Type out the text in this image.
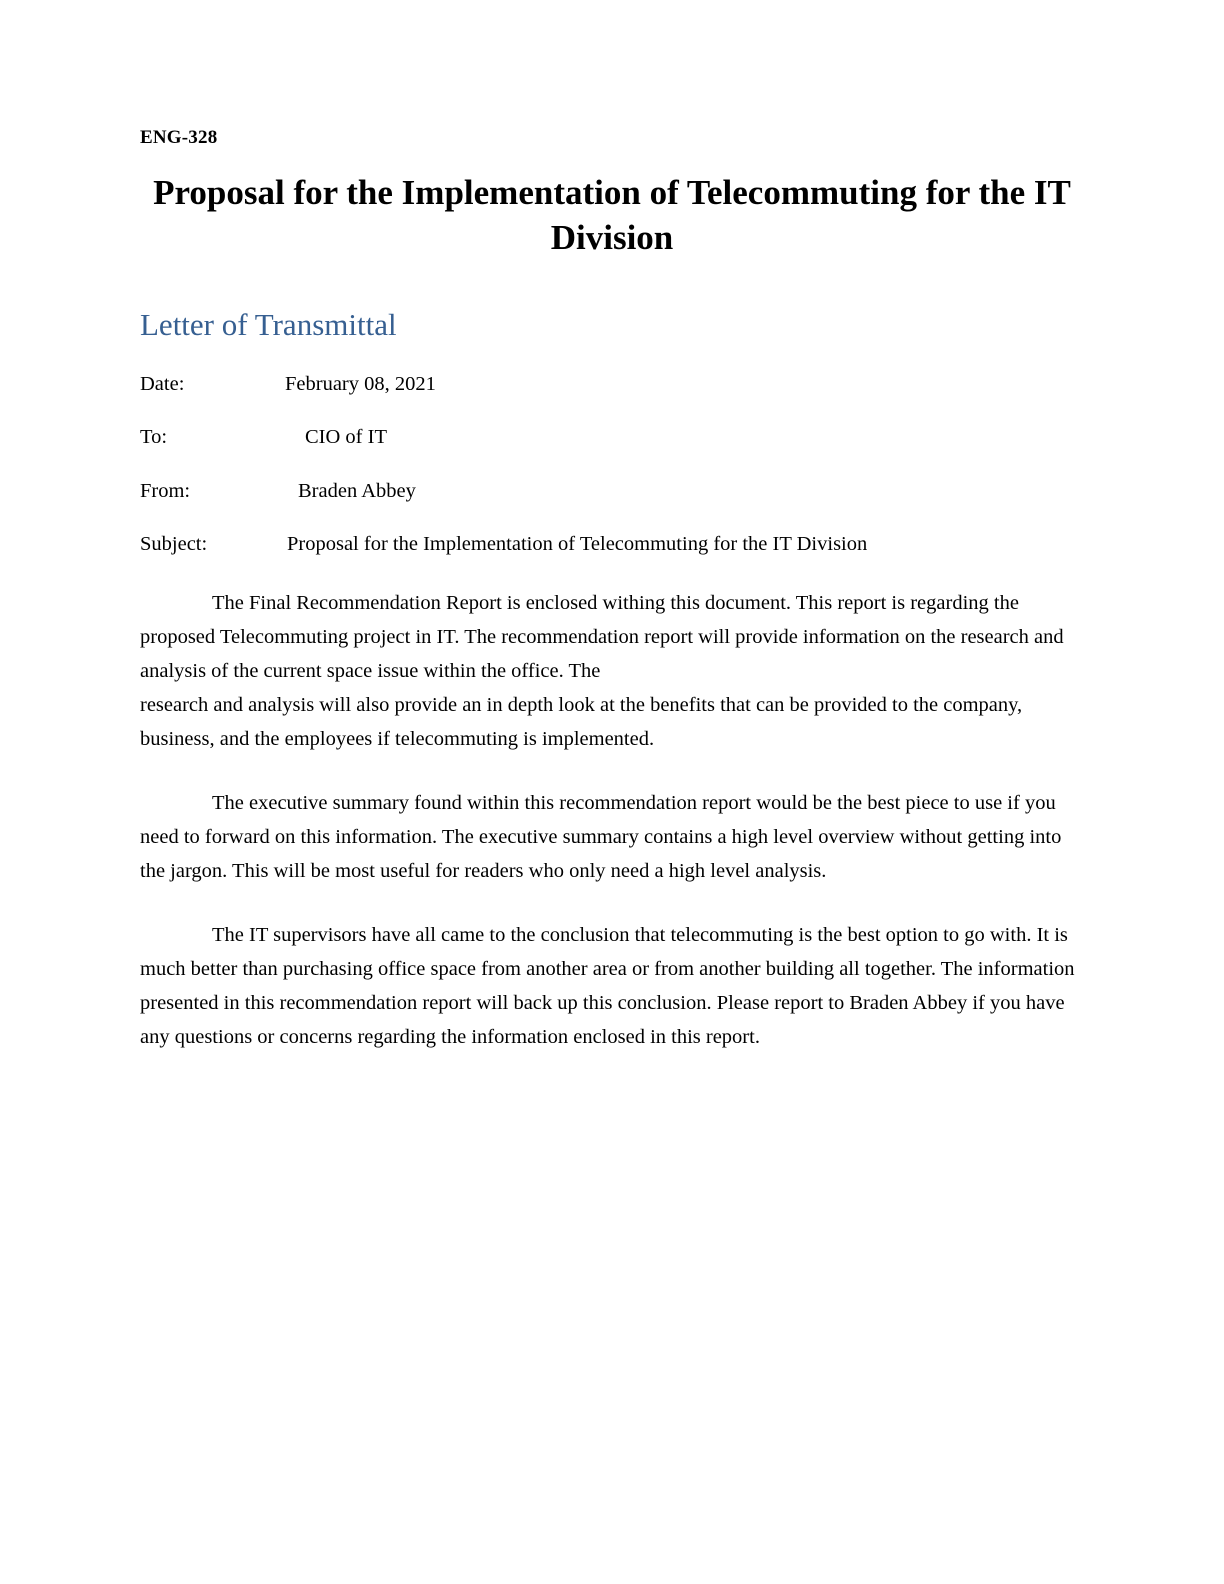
ENG-328
Proposal for the Implementation of Telecommuting for the IT Division
Letter of Transmittal
Date:	February 08, 2021
To:	CIO of IT
From:	Braden Abbey
Subject:	Proposal for the Implementation of Telecommuting for the IT Division

The Final Recommendation Report is enclosed withing this document. This report is regarding the proposed Telecommuting project in IT. The recommendation report will provide information on the research and analysis of the current space issue within the office. The

research and analysis will also provide an in depth look at the benefits that can be provided to the company, business, and the employees if telecommuting is implemented.

The executive summary found within this recommendation report would be the best piece to use if you need to forward on this information. The executive summary contains a high level overview without getting into the jargon. This will be most useful for readers who only need a high level analysis.

The IT supervisors have all came to the conclusion that telecommuting is the best option to go with. It is much better than purchasing office space from another area or from another building all together. The information presented in this recommendation report will back up this conclusion. Please report to Braden Abbey if you have any questions or concerns regarding the information enclosed in this report.
